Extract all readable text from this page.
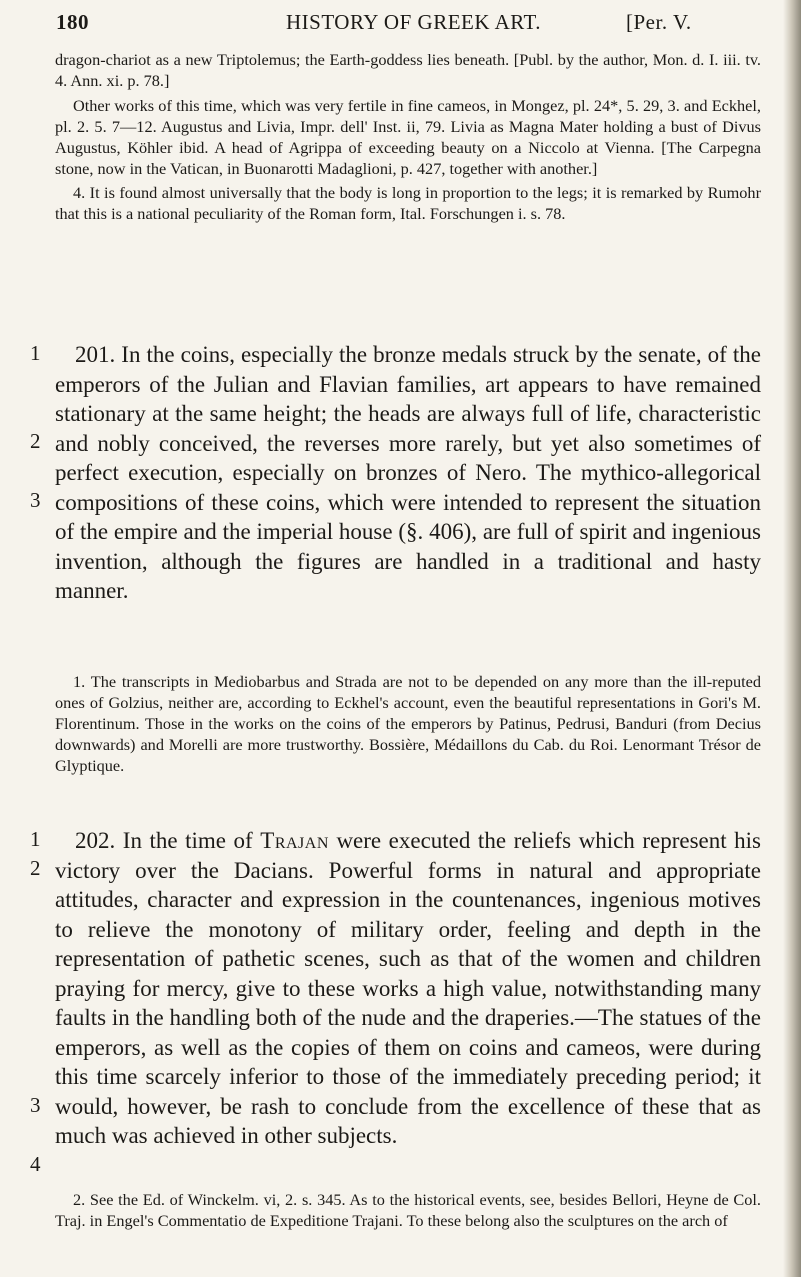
180	HISTORY OF GREEK ART.	[Per. V.

dragon-chariot as a new Triptolemus; the Earth-goddess lies beneath. [Publ. by the author, Mon. d. I. iii. tv. 4. Ann. xi. p. 78.]

Other works of this time, which was very fertile in fine cameos, in Mongez, pl. 24*, 5. 29, 3. and Eckhel, pl. 2. 5. 7—12. Augustus and Livia, Impr. dell' Inst. ii, 79. Livia as Magna Mater holding a bust of Divus Augustus, Köhler ibid. A head of Agrippa of exceeding beauty on a Niccolo at Vienna. [The Carpegna stone, now in the Vatican, in Buonarotti Madaglioni, p. 427, together with another.]

4. It is found almost universally that the body is long in proportion to the legs; it is remarked by Rumohr that this is a national peculiarity of the Roman form, Ital. Forschungen i. s. 78.

1
2
3

201. In the coins, especially the bronze medals struck by the senate, of the emperors of the Julian and Flavian families, art appears to have remained stationary at the same height; the heads are always full of life, characteristic and nobly conceived, the reverses more rarely, but yet also sometimes of perfect execution, especially on bronzes of Nero. The mythico-allegorical compositions of these coins, which were intended to represent the situation of the empire and the imperial house (§. 406), are full of spirit and ingenious invention, although the figures are handled in a traditional and hasty manner.

1. The transcripts in Mediobarbus and Strada are not to be depended on any more than the ill-reputed ones of Golzius, neither are, according to Eckhel's account, even the beautiful representations in Gori's M. Florentinum. Those in the works on the coins of the emperors by Patinus, Pedrusi, Banduri (from Decius downwards) and Morelli are more trustworthy. Bossière, Médaillons du Cab. du Roi. Lenormant Trésor de Glyptique.

1
2
3
4

202. In the time of Trajan were executed the reliefs which represent his victory over the Dacians. Powerful forms in natural and appropriate attitudes, character and expression in the countenances, ingenious motives to relieve the monotony of military order, feeling and depth in the representation of pathetic scenes, such as that of the women and children praying for mercy, give to these works a high value, notwithstanding many faults in the handling both of the nude and the draperies.—The statues of the emperors, as well as the copies of them on coins and cameos, were during this time scarcely inferior to those of the immediately preceding period; it would, however, be rash to conclude from the excellence of these that as much was achieved in other subjects.

2. See the Ed. of Winckelm. vi, 2. s. 345. As to the historical events, see, besides Bellori, Heyne de Col. Traj. in Engel's Commentatio de Expeditione Trajani. To these belong also the sculptures on the arch of
